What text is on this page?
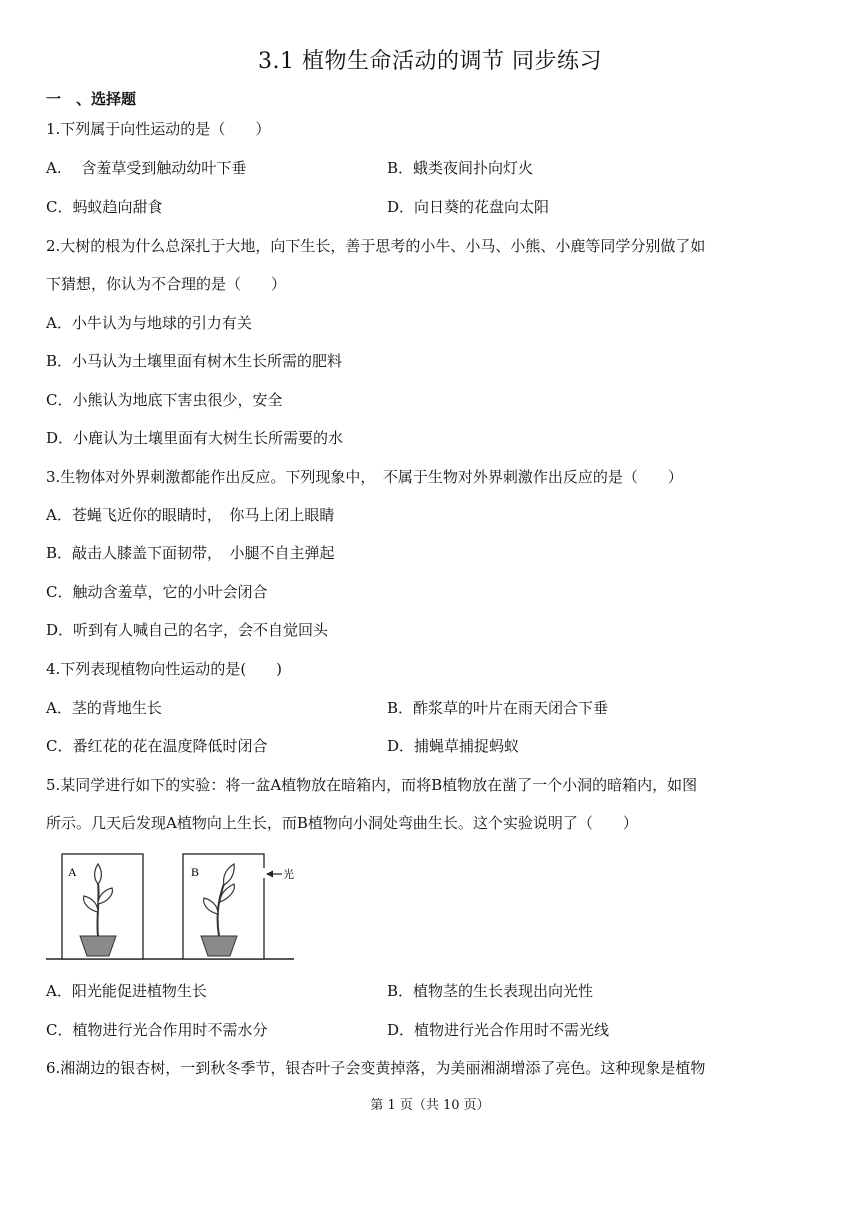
3.1 植物生命活动的调节 同步练习
一　、选择题
1.下列属于向性运动的是（　　）
A.　 含羞草受到触动幼叶下垂	B．蛾类夜间扑向灯火
C．蚂蚁趋向甜食	D．向日葵的花盘向太阳
2.大树的根为什么总深扎于大地，向下生长，善于思考的小牛、小马、小熊、小鹿等同学分别做了如
下猜想，你认为不合理的是（　　）
A．小牛认为与地球的引力有关
B．小马认为土壤里面有树木生长所需的肥料
C．小熊认为地底下害虫很少，安全
D．小鹿认为土壤里面有大树生长所需要的水
3.生物体对外界刺激都能作出反应。下列现象中，　不属于生物对外界刺激作出反应的是（　　）
A．苍蝇飞近你的眼睛时，　你马上闭上眼睛
B．敲击人膝盖下面韧带，　小腿不自主弹起
C．触动含羞草，它的小叶会闭合
D．听到有人喊自己的名字，会不自觉回头
4.下列表现植物向性运动的是(　　)
A．茎的背地生长	B．酢浆草的叶片在雨天闭合下垂
C．番红花的花在温度降低时闭合	D．捕蝇草捕捉蚂蚁
5.某同学进行如下的实验：将一盆A植物放在暗箱内，而将B植物放在凿了一个小洞的暗箱内，如图
所示。几天后发现A植物向上生长，而B植物向小洞处弯曲生长。这个实验说明了（　　）
A	B	光
A．阳光能促进植物生长	B．植物茎的生长表现出向光性
C．植物进行光合作用时不需水分	D．植物进行光合作用时不需光线
6.湘湖边的银杏树，一到秋冬季节，银杏叶子会变黄掉落，为美丽湘湖增添了亮色。这种现象是植物
第 1 页（共 10 页）
